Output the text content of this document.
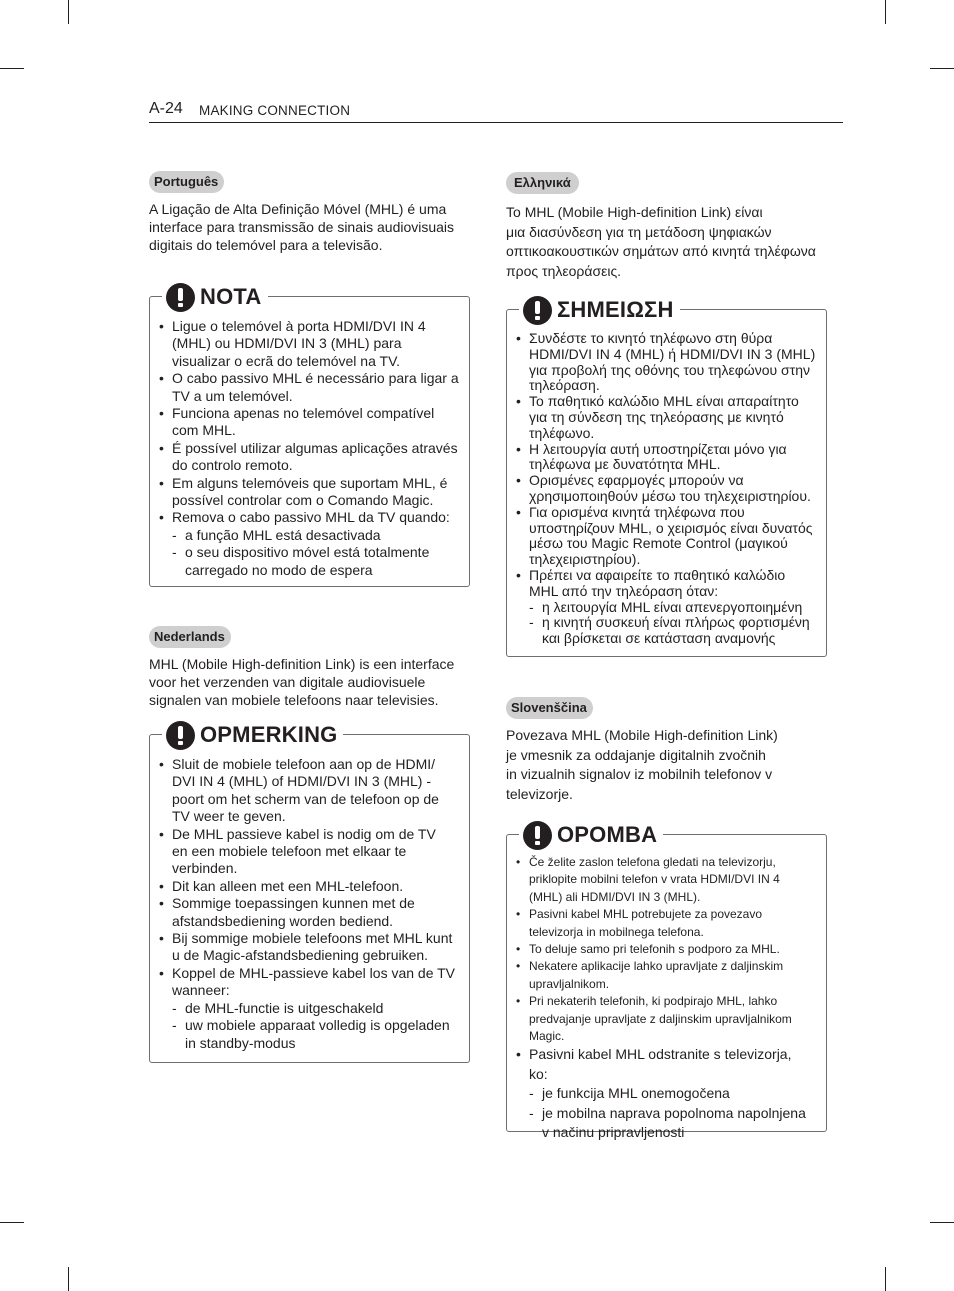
A-24 MAKING CONNECTION
Português
A Ligação de Alta Definição Móvel (MHL) é uma
interface para transmissão de sinais audiovisuais
digitais do telemóvel para a televisão.
NOTA
• Ligue o telemóvel à porta HDMI/DVI IN 4 (MHL) ou HDMI/DVI IN 3 (MHL) para visualizar o ecrã do telemóvel na TV.
• O cabo passivo MHL é necessário para ligar a TV a um telemóvel.
• Funciona apenas no telemóvel compatível com MHL.
• É possível utilizar algumas aplicações através do controlo remoto.
• Em alguns telemóveis que suportam MHL, é possível controlar com o Comando Magic.
• Remova o cabo passivo MHL da TV quando:
- a função MHL está desactivada
- o seu dispositivo móvel está totalmente carregado no modo de espera
Nederlands
MHL (Mobile High-definition Link) is een interface
voor het verzenden van digitale audiovisuele
signalen van mobiele telefoons naar televisies.
OPMERKING
• Sluit de mobiele telefoon aan op de HDMI/ DVI IN 4 (MHL) of HDMI/DVI IN 3 (MHL) - poort om het scherm van de telefoon op de TV weer te geven.
• De MHL passieve kabel is nodig om de TV en een mobiele telefoon met elkaar te verbinden.
• Dit kan alleen met een MHL-telefoon.
• Sommige toepassingen kunnen met de afstandsbediening worden bediend.
• Bij sommige mobiele telefoons met MHL kunt u de Magic-afstandsbediening gebruiken.
• Koppel de MHL-passieve kabel los van de TV wanneer:
- de MHL-functie is uitgeschakeld
- uw mobiele apparaat volledig is opgeladen in standby-modus
Ελληνικά
Το MHL (Mobile High-definition Link) είναι
μια διασύνδεση για τη μετάδοση ψηφιακών
οπτικοακουστικών σημάτων από κινητά τηλέφωνα
προς τηλεοράσεις.
ΣΗΜΕΙΩΣΗ
• Συνδέστε το κινητό τηλέφωνο στη θύρα HDMI/DVI IN 4 (MHL) ή HDMI/DVI IN 3 (MHL) για προβολή της οθόνης του τηλεφώνου στην τηλεόραση.
• Το παθητικό καλώδιο MHL είναι απαραίτητο για τη σύνδεση της τηλεόρασης με κινητό τηλέφωνο.
• Η λειτουργία αυτή υποστηρίζεται μόνο για τηλέφωνα με δυνατότητα MHL.
• Ορισμένες εφαρμογές μπορούν να χρησιμοποιηθούν μέσω του τηλεχειριστηρίου.
• Για ορισμένα κινητά τηλέφωνα που υποστηρίζουν MHL, ο χειρισμός είναι δυνατός μέσω του Magic Remote Control (μαγικού τηλεχειριστηρίου).
• Πρέπει να αφαιρείτε το παθητικό καλώδιο MHL από την τηλεόραση όταν:
- η λειτουργία MHL είναι απενεργοποιημένη
- η κινητή συσκευή είναι πλήρως φορτισμένη και βρίσκεται σε κατάσταση αναμονής
Slovenščina
Povezava MHL (Mobile High-definition Link)
je vmesnik za oddajanje digitalnih zvočnih
in vizualnih signalov iz mobilnih telefonov v
televizorje.
OPOMBA
• Če želite zaslon telefona gledati na televizorju, priklopite mobilni telefon v vrata HDMI/DVI IN 4 (MHL) ali HDMI/DVI IN 3 (MHL).
• Pasivni kabel MHL potrebujete za povezavo televizorja in mobilnega telefona.
• To deluje samo pri telefonih s podporo za MHL.
• Nekatere aplikacije lahko upravljate z daljinskim upravljalnikom.
• Pri nekaterih telefonih, ki podpirajo MHL, lahko predvajanje upravljate z daljinskim upravljalnikom Magic.
• Pasivni kabel MHL odstranite s televizorja, ko:
- je funkcija MHL onemogočena
- je mobilna naprava popolnoma napolnjena v načinu pripravljenosti
